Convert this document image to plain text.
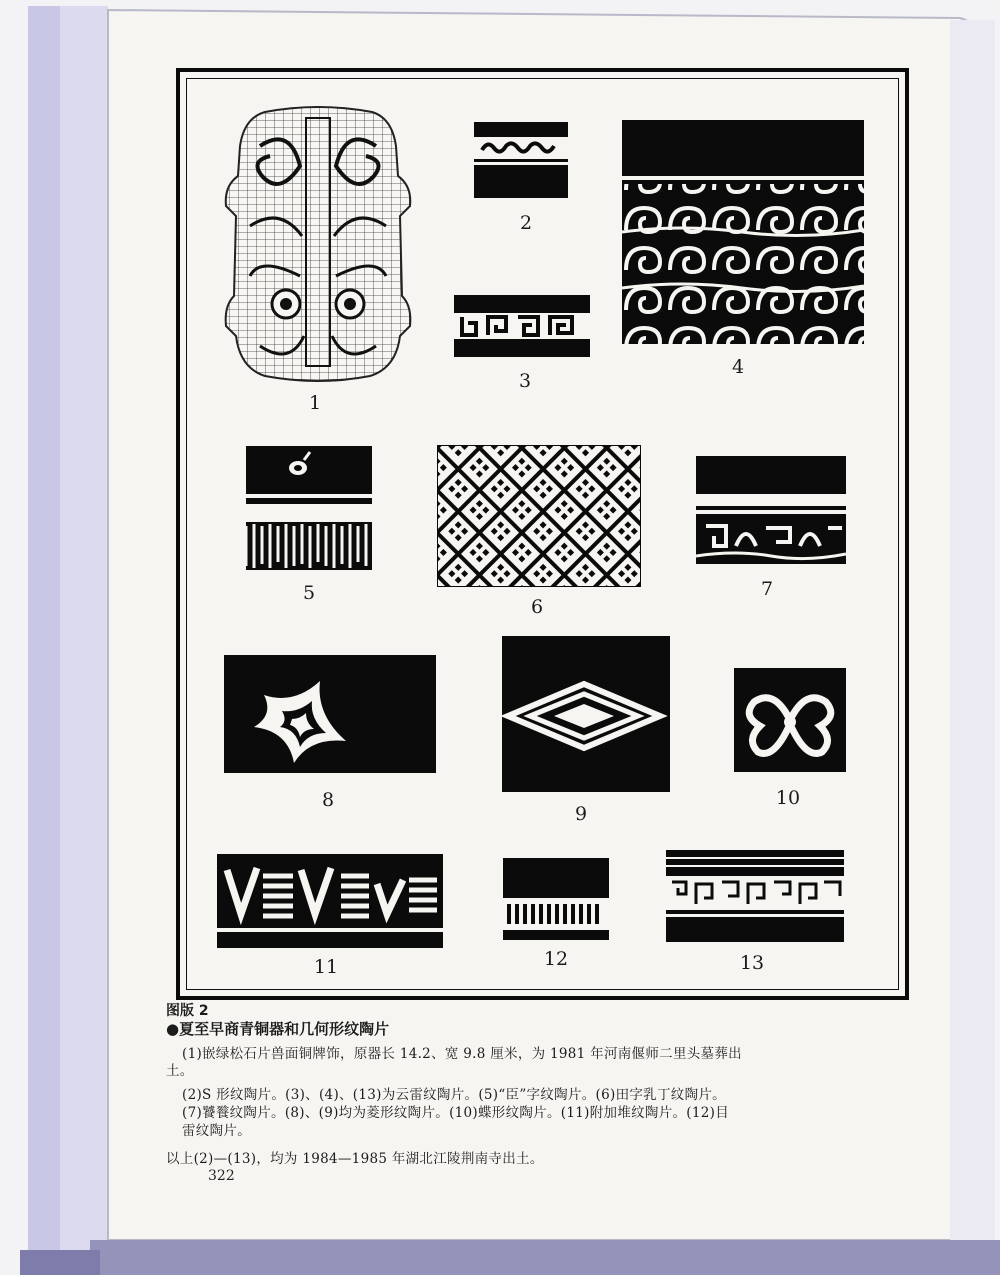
1
2
3
4
5
6
7
8
9
10
11	12	13
图版 2
●夏至早商青铜器和几何形纹陶片
(1)嵌绿松石片兽面铜牌饰，原器长 14.2、宽 9.8 厘米，为 1981 年河南偃师二里头墓葬出
土。
(2)S 形纹陶片。(3)、(4)、(13)为云雷纹陶片。(5)“臣”字纹陶片。(6)田字乳丁纹陶片。
(7)饕餮纹陶片。(8)、(9)均为菱形纹陶片。(10)蝶形纹陶片。(11)附加堆纹陶片。(12)目
雷纹陶片。
以上(2)—(13)，均为 1984—1985 年湖北江陵荆南寺出土。
322
